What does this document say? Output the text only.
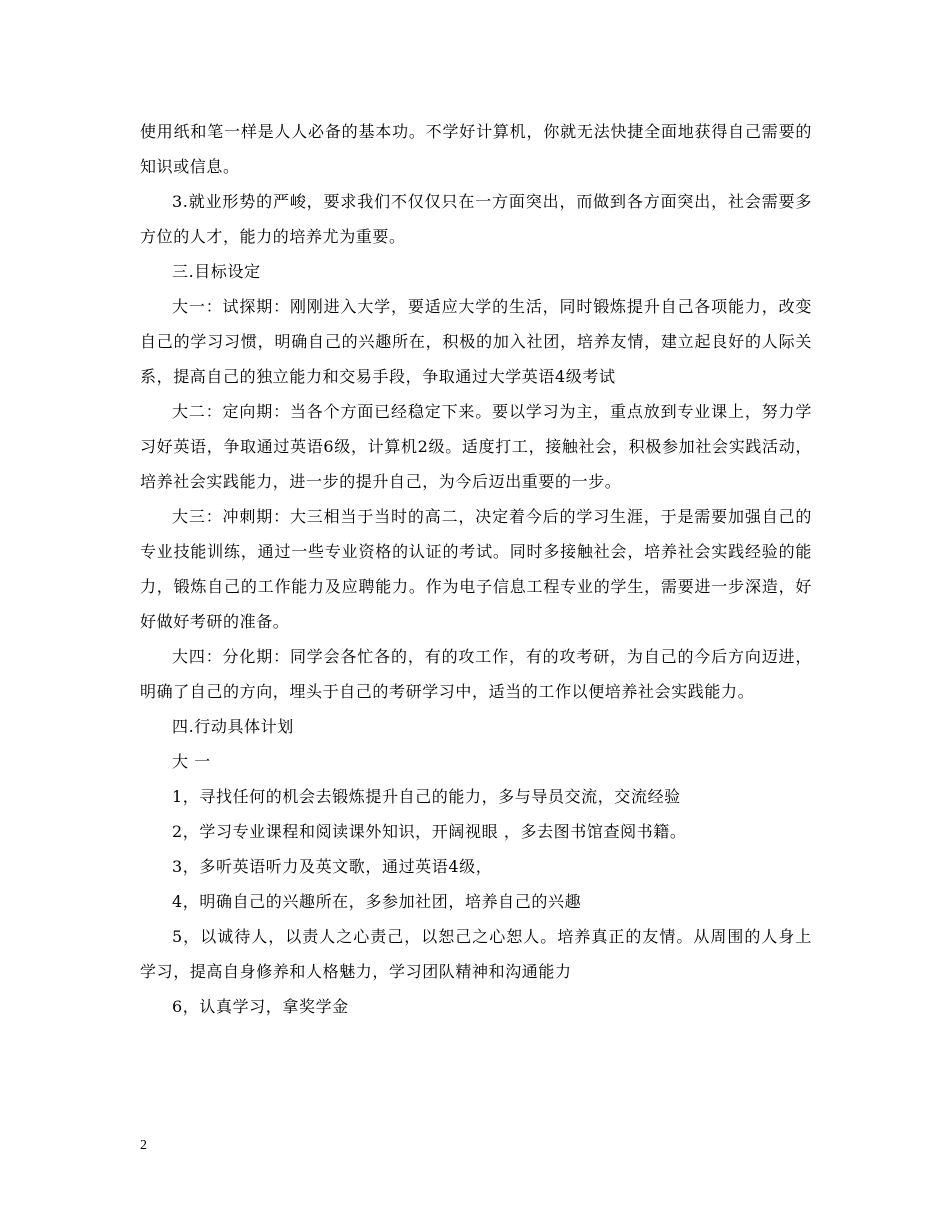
使用纸和笔一样是人人必备的基本功。不学好计算机，你就无法快捷全面地获得自己需要的知识或信息。

3.就业形势的严峻，要求我们不仅仅只在一方面突出，而做到各方面突出，社会需要多方位的人才，能力的培养尤为重要。

三.目标设定

大一：试探期：刚刚进入大学，要适应大学的生活，同时锻炼提升自己各项能力，改变自己的学习习惯，明确自己的兴趣所在，积极的加入社团，培养友情，建立起良好的人际关系，提高自己的独立能力和交易手段，争取通过大学英语4级考试

大二：定向期：当各个方面已经稳定下来。要以学习为主，重点放到专业课上，努力学习好英语，争取通过英语6级，计算机2级。适度打工，接触社会，积极参加社会实践活动，培养社会实践能力，进一步的提升自己，为今后迈出重要的一步。

大三：冲刺期：大三相当于当时的高二，决定着今后的学习生涯，于是需要加强自己的专业技能训练，通过一些专业资格的认证的考试。同时多接触社会，培养社会实践经验的能力，锻炼自己的工作能力及应聘能力。作为电子信息工程专业的学生，需要进一步深造，好好做好考研的准备。

大四：分化期：同学会各忙各的，有的攻工作，有的攻考研，为自己的今后方向迈进，明确了自己的方向，埋头于自己的考研学习中，适当的工作以便培养社会实践能力。

四.行动具体计划

大 一

1，寻找任何的机会去锻炼提升自己的能力，多与导员交流，交流经验

2，学习专业课程和阅读课外知识，开阔视眼 ，多去图书馆查阅书籍。

3，多听英语听力及英文歌，通过英语4级，

4，明确自己的兴趣所在，多参加社团，培养自己的兴趣

5，以诚待人，以责人之心责己，以恕己之心恕人。培养真正的友情。从周围的人身上学习，提高自身修养和人格魅力，学习团队精神和沟通能力

6，认真学习，拿奖学金

2
